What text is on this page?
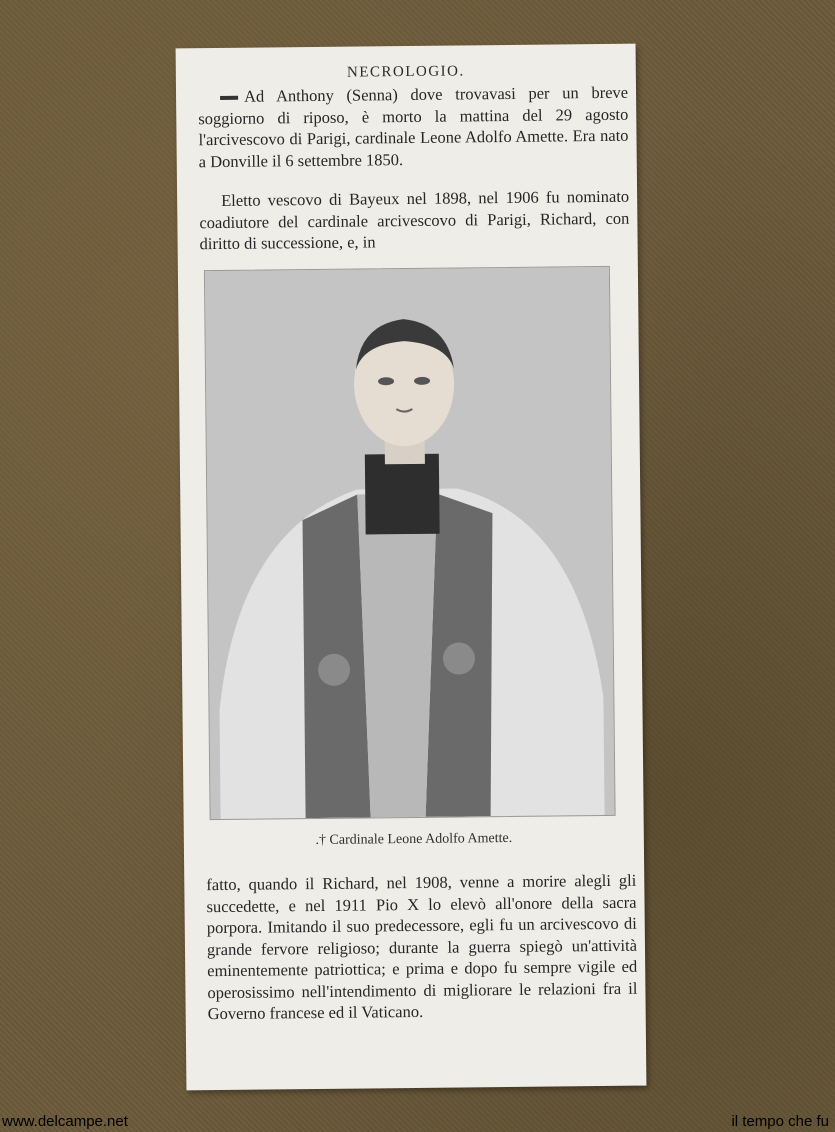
NECROLOGIO.

Ad Anthony (Senna) dove trovavasi per un breve soggiorno di riposo, è morto la mattina del 29 agosto l'arcivescovo di Parigi, cardinale Leone Adolfo Amette. Era nato a Donville il 6 settembre 1850.

Eletto vescovo di Bayeux nel 1898, nel 1906 fu nominato coadiutore del cardinale arcivescovo di Parigi, Richard, con diritto di successione, e, in

.† Cardinale Leone Adolfo Amette.

fatto, quando il Richard, nel 1908, venne a morire alegli gli succedette, e nel 1911 Pio X lo elevò all'onore della sacra porpora. Imitando il suo predecessore, egli fu un arcivescovo di grande fervore religioso; durante la guerra spiegò un'attività eminentemente patriottica; e prima e dopo fu sempre vigile ed operosissimo nell'intendimento di migliorare le relazioni fra il Governo francese ed il Vaticano.

www.delcampe.net	il tempo che fu
